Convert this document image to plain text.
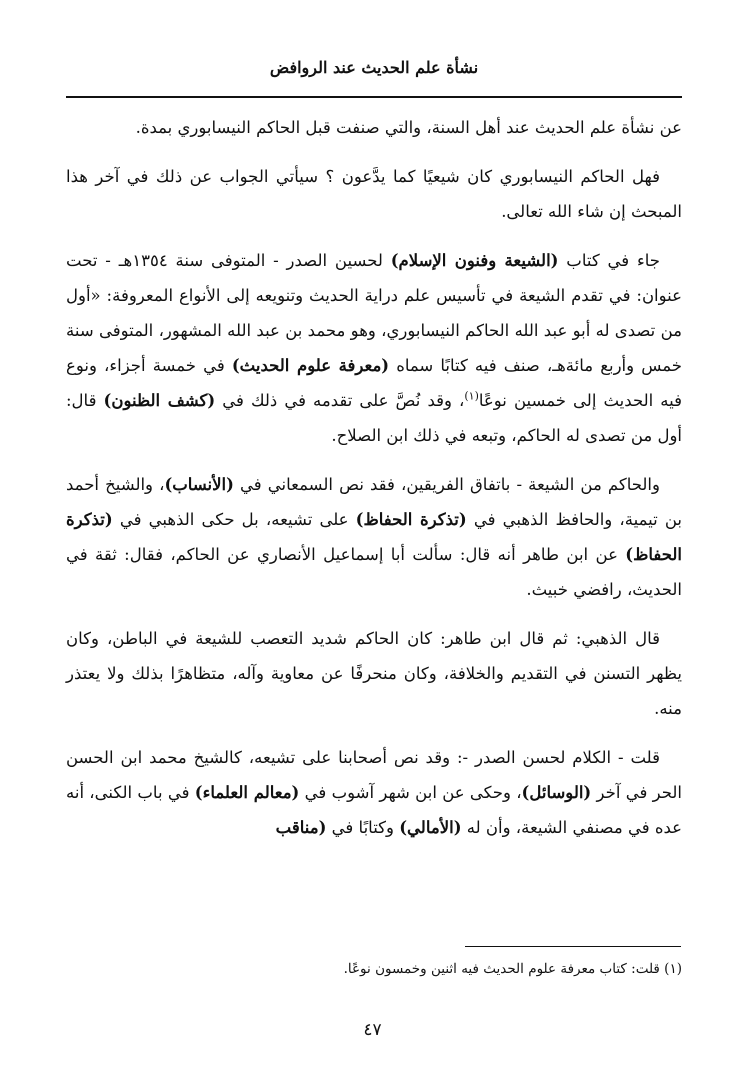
نشأة علم الحديث عند الروافض

عن نشأة علم الحديث عند أهل السنة، والتي صنفت قبل الحاكم النيسابوري بمدة.

فهل الحاكم النيسابوري كان شيعيًا كما يدَّعون ؟ سيأتي الجواب عن ذلك في آخر هذا المبحث إن شاء الله تعالى.

جاء في كتاب (الشيعة وفنون الإسلام) لحسين الصدر - المتوفى سنة ١٣٥٤هـ - تحت عنوان: في تقدم الشيعة في تأسيس علم دراية الحديث وتنويعه إلى الأنواع المعروفة: «أول من تصدى له أبو عبد الله الحاكم النيسابوري، وهو محمد بن عبد الله المشهور، المتوفى سنة خمس وأربع مائةهـ، صنف فيه كتابًا سماه (معرفة علوم الحديث) في خمسة أجزاء، ونوع فيه الحديث إلى خمسين نوعًا$^{(١)}$، وقد نُصَّ على تقدمه في ذلك في (كشف الظنون) قال: أول من تصدى له الحاكم، وتبعه في ذلك ابن الصلاح.

والحاكم من الشيعة - باتفاق الفريقين، فقد نص السمعاني في (الأنساب)، والشيخ أحمد بن تيمية، والحافظ الذهبي في (تذكرة الحفاظ) على تشيعه، بل حكى الذهبي في (تذكرة الحفاظ) عن ابن طاهر أنه قال: سألت أبا إسماعيل الأنصاري عن الحاكم، فقال: ثقة في الحديث، رافضي خبيث.

قال الذهبي: ثم قال ابن طاهر: كان الحاكم شديد التعصب للشيعة في الباطن، وكان يظهر التسنن في التقديم والخلافة، وكان منحرفًا عن معاوية وآله، متظاهرًا بذلك ولا يعتذر منه.

قلت - الكلام لحسن الصدر -: وقد نص أصحابنا على تشيعه، كالشيخ محمد ابن الحسن الحر في آخر (الوسائل)، وحكى عن ابن شهر آشوب في (معالم العلماء) في باب الكنى، أنه عده في مصنفي الشيعة، وأن له (الأمالي) وكتابًا في (مناقب

(١) قلت: كتاب معرفة علوم الحديث فيه اثنين وخمسون نوعًا.
٤٧
